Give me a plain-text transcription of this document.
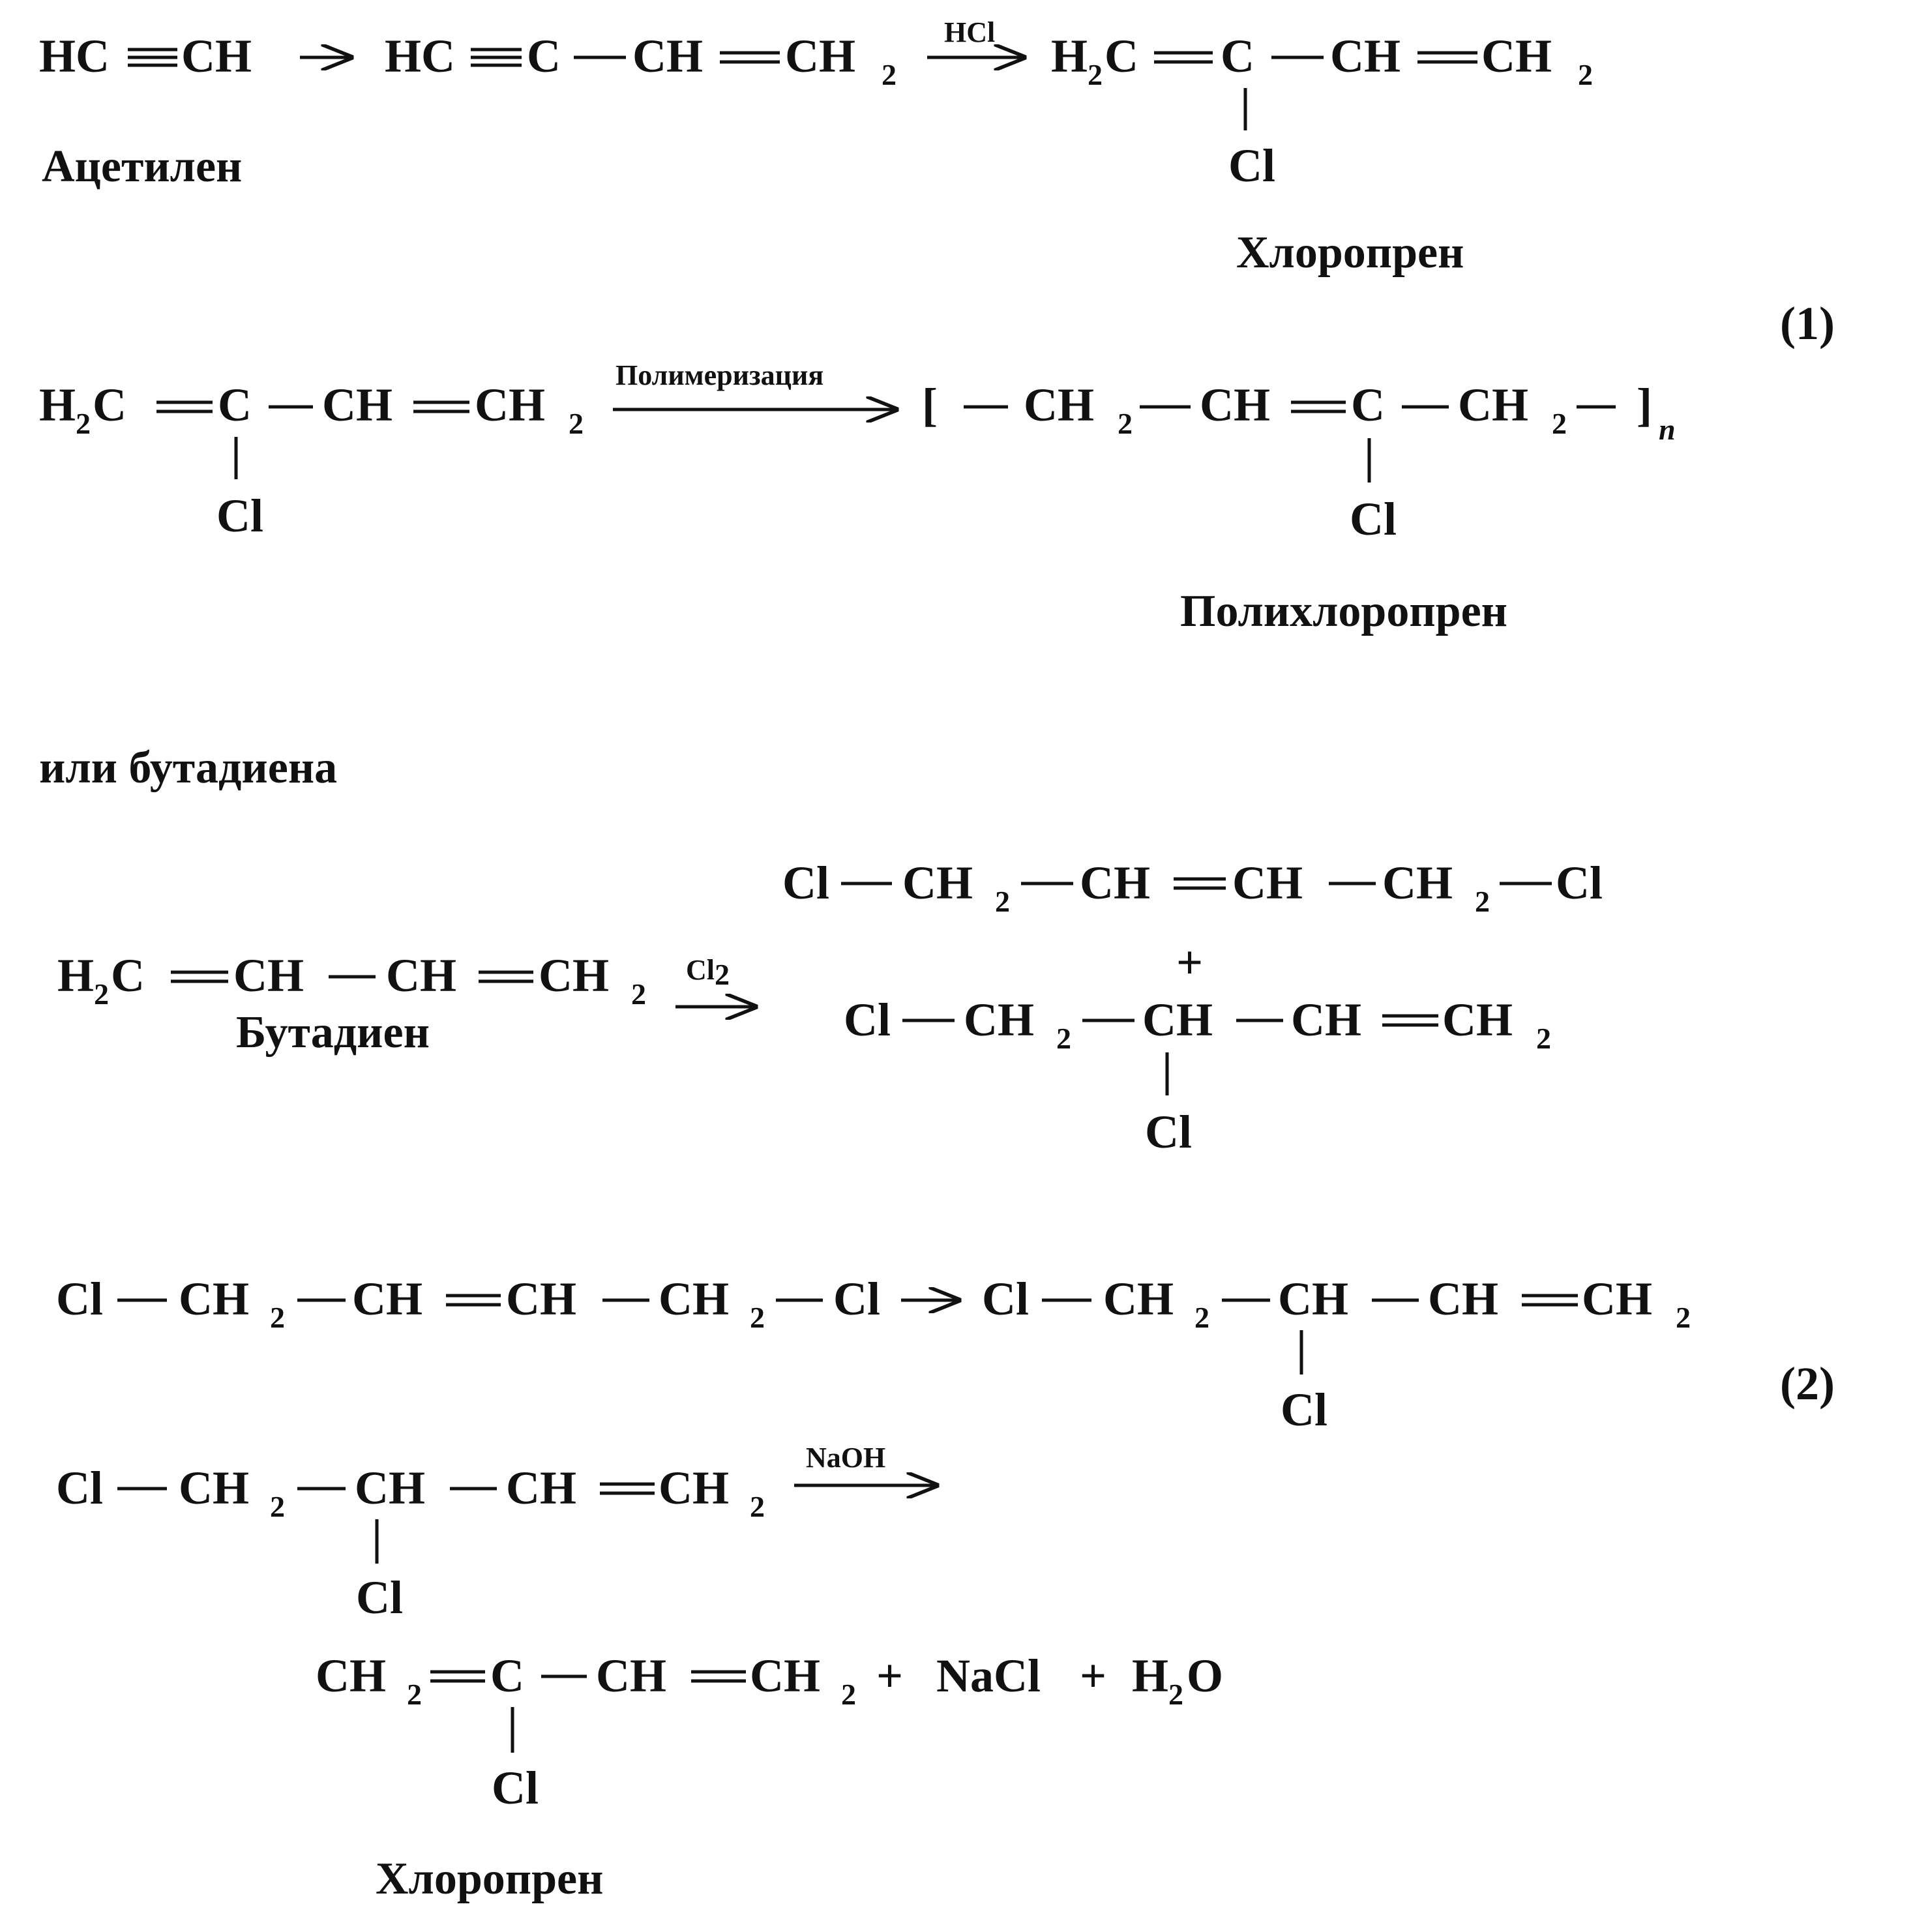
HC CH	HC C CH CH 2
HCl H 2 C C CH CH 2
Cl
Ацетилен
Хлоропрен
(1)
H 2 C C CH CH 2
Cl
Полимеризация
[ CH 2 CH C CH 2 ] n
Cl
Полихлоропрен
или бутадиена
H 2 C CH CH CH 2
Бутадиен
Cl2
Cl CH 2 CH CH CH 2 Cl
+
Cl CH 2 CH CH CH 2
Cl
Cl CH 2 CH CH CH 2 Cl Cl CH 2 CH CH CH 2
Cl	(2)
Cl CH 2 CH CH CH 2
Cl
NaOH
CH 2 C CH CH 2 + NaCl + H 2 O
Cl
Хлоропрен
